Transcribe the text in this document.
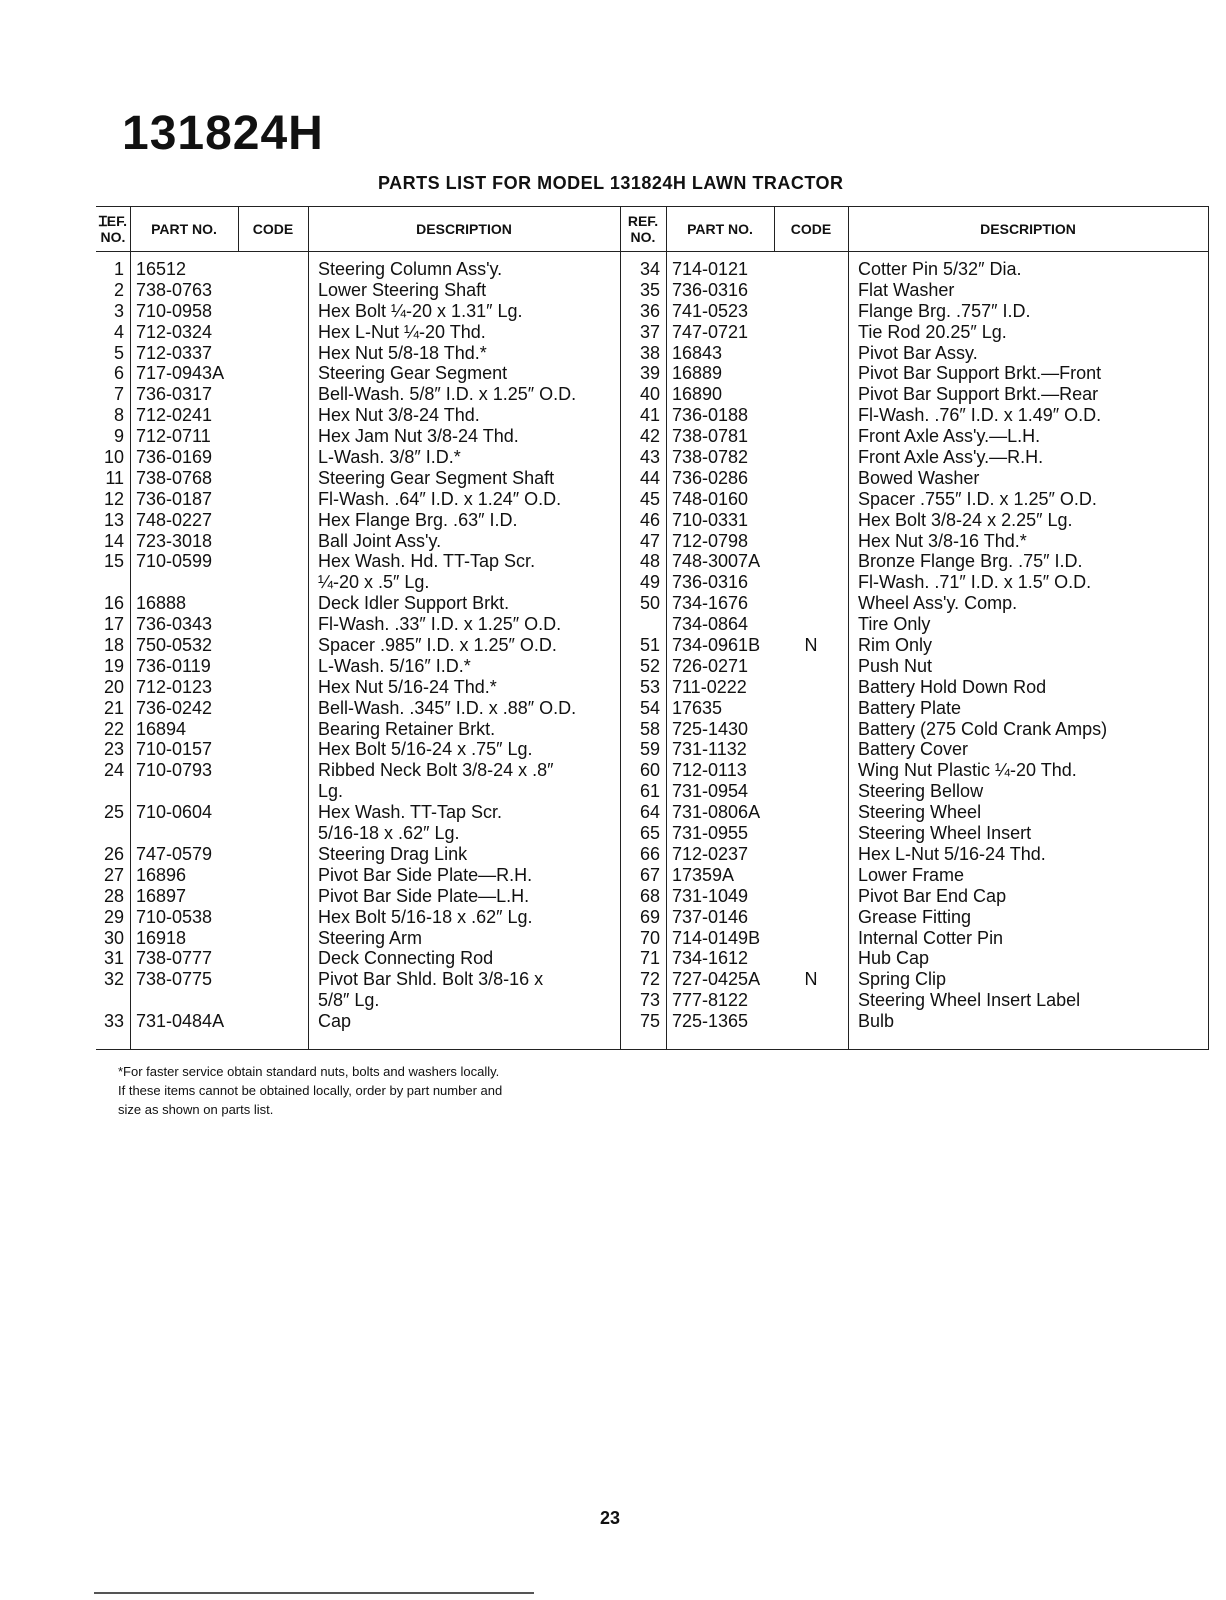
131824H
PARTS LIST FOR MODEL 131824H LAWN TRACTOR
ꞮEF. NO.	PART NO.	CODE	DESCRIPTION	REF. NO.	PART NO.	CODE	DESCRIPTION
1 16512	Steering Column Ass'y.
2 738-0763	Lower Steering Shaft
3 710-0958	Hex Bolt ¼-20 x 1.31″ Lg.
4 712-0324	Hex L-Nut ¼-20 Thd.
5 712-0337	Hex Nut 5/8-18 Thd.*
6 717-0943A	Steering Gear Segment
7 736-0317	Bell-Wash. 5/8″ I.D. x 1.25″ O.D.
8 712-0241	Hex Nut 3/8-24 Thd.
9 712-0711	Hex Jam Nut 3/8-24 Thd.
10 736-0169	L-Wash. 3/8″ I.D.*
11 738-0768	Steering Gear Segment Shaft
12 736-0187	Fl-Wash. .64″ I.D. x 1.24″ O.D.
13 748-0227	Hex Flange Brg. .63″ I.D.
14 723-3018	Ball Joint Ass'y.
15 710-0599	Hex Wash. Hd. TT-Tap Scr.
¼-20 x .5″ Lg.
16 16888	Deck Idler Support Brkt.
17 736-0343	Fl-Wash. .33″ I.D. x 1.25″ O.D.
18 750-0532	Spacer .985″ I.D. x 1.25″ O.D.
19 736-0119	L-Wash. 5/16″ I.D.*
20 712-0123	Hex Nut 5/16-24 Thd.*
21 736-0242	Bell-Wash. .345″ I.D. x .88″ O.D.
22 16894	Bearing Retainer Brkt.
23 710-0157	Hex Bolt 5/16-24 x .75″ Lg.
24 710-0793	Ribbed Neck Bolt 3/8-24 x .8″
Lg.
25 710-0604	Hex Wash. TT-Tap Scr.
5/16-18 x .62″ Lg.
26 747-0579	Steering Drag Link
27 16896	Pivot Bar Side Plate—R.H.
28 16897	Pivot Bar Side Plate—L.H.
29 710-0538	Hex Bolt 5/16-18 x .62″ Lg.
30 16918	Steering Arm
31 738-0777	Deck Connecting Rod
32 738-0775	Pivot Bar Shld. Bolt 3/8-16 x
5/8″ Lg.
33 731-0484A	Cap
34 714-0121	Cotter Pin 5/32″ Dia.
35 736-0316	Flat Washer
36 741-0523	Flange Brg. .757″ I.D.
37 747-0721	Tie Rod 20.25″ Lg.
38 16843	Pivot Bar Assy.
39 16889	Pivot Bar Support Brkt.—Front
40 16890	Pivot Bar Support Brkt.—Rear
41 736-0188	Fl-Wash. .76″ I.D. x 1.49″ O.D.
42 738-0781	Front Axle Ass'y.—L.H.
43 738-0782	Front Axle Ass'y.—R.H.
44 736-0286	Bowed Washer
45 748-0160	Spacer .755″ I.D. x 1.25″ O.D.
46 710-0331	Hex Bolt 3/8-24 x 2.25″ Lg.
47 712-0798	Hex Nut 3/8-16 Thd.*
48 748-3007A	Bronze Flange Brg. .75″ I.D.
49 736-0316	Fl-Wash. .71″ I.D. x 1.5″ O.D.
50 734-1676	Wheel Ass'y. Comp.
734-0864	Tire Only
51 734-0961B	N	Rim Only
52 726-0271	Push Nut
53 711-0222	Battery Hold Down Rod
54 17635	Battery Plate
58 725-1430	Battery (275 Cold Crank Amps)
59 731-1132	Battery Cover
60 712-0113	Wing Nut Plastic ¼-20 Thd.
61 731-0954	Steering Bellow
64 731-0806A	Steering Wheel
65 731-0955	Steering Wheel Insert
66 712-0237	Hex L-Nut 5/16-24 Thd.
67 17359A	Lower Frame
68 731-1049	Pivot Bar End Cap
69 737-0146	Grease Fitting
70 714-0149B	Internal Cotter Pin
71 734-1612	Hub Cap
72 727-0425A	N	Spring Clip
73 777-8122	Steering Wheel Insert Label
75 725-1365	Bulb
*For faster service obtain standard nuts, bolts and washers locally.
If these items cannot be obtained locally, order by part number and
size as shown on parts list.
23
